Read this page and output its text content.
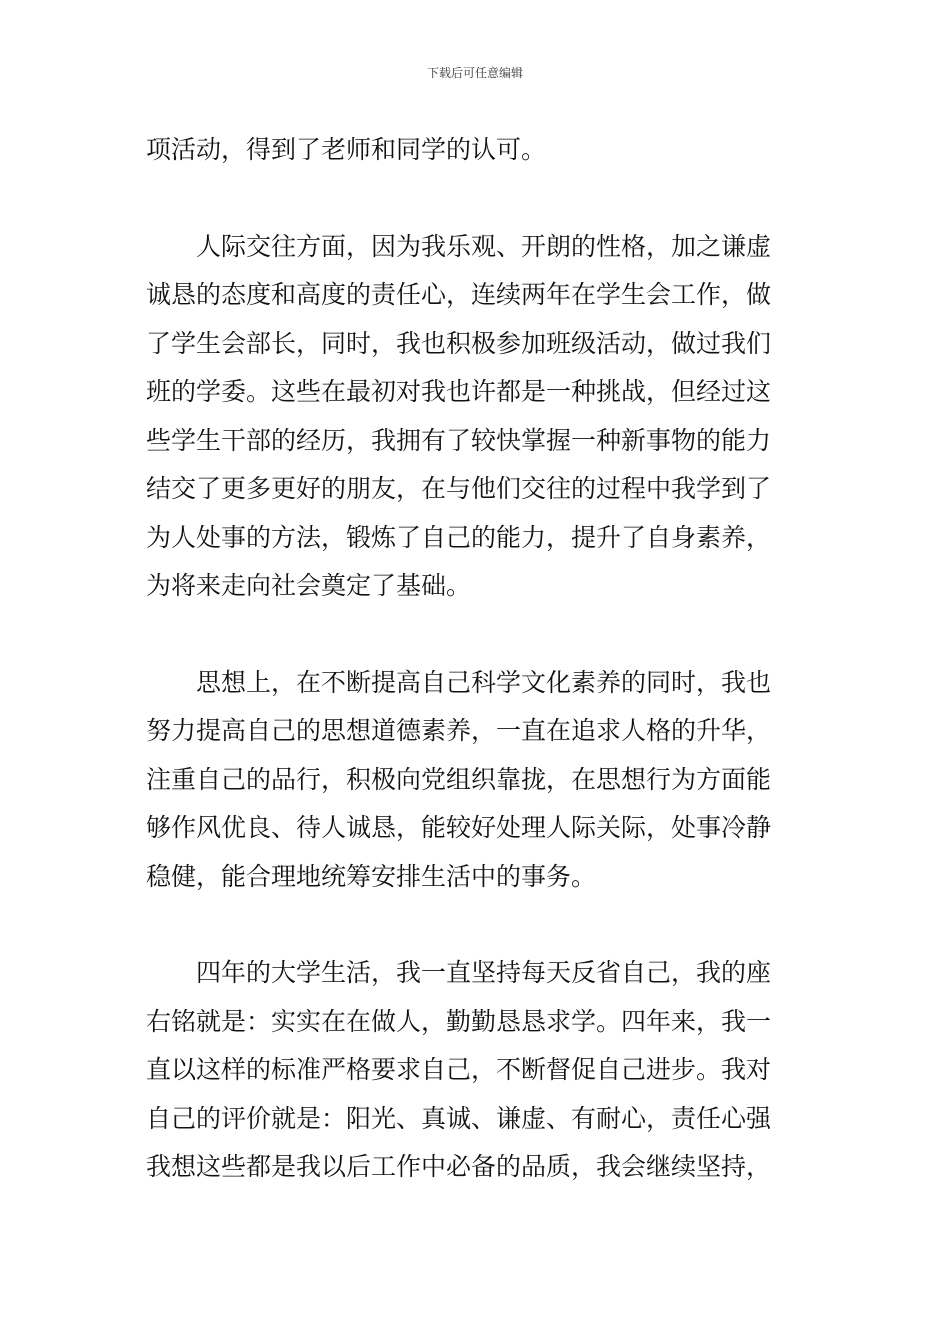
下载后可任意编辑

项活动，得到了老师和同学的认可。

人际交往方面，因为我乐观、开朗的性格，加之谦虚
诚恳的态度和高度的责任心，连续两年在学生会工作，做
了学生会部长，同时，我也积极参加班级活动，做过我们
班的学委。这些在最初对我也许都是一种挑战，但经过这
些学生干部的经历，我拥有了较快掌握一种新事物的能力
结交了更多更好的朋友，在与他们交往的过程中我学到了
为人处事的方法，锻炼了自己的能力，提升了自身素养，
为将来走向社会奠定了基础。

思想上，在不断提高自己科学文化素养的同时，我也
努力提高自己的思想道德素养，一直在追求人格的升华，
注重自己的品行，积极向党组织靠拢，在思想行为方面能
够作风优良、待人诚恳，能较好处理人际关际，处事冷静
稳健，能合理地统筹安排生活中的事务。

四年的大学生活，我一直坚持每天反省自己，我的座
右铭就是：实实在在做人，勤勤恳恳求学。四年来，我一
直以这样的标准严格要求自己，不断督促自己进步。我对
自己的评价就是：阳光、真诚、谦虚、有耐心，责任心强
我想这些都是我以后工作中必备的品质，我会继续坚持，
